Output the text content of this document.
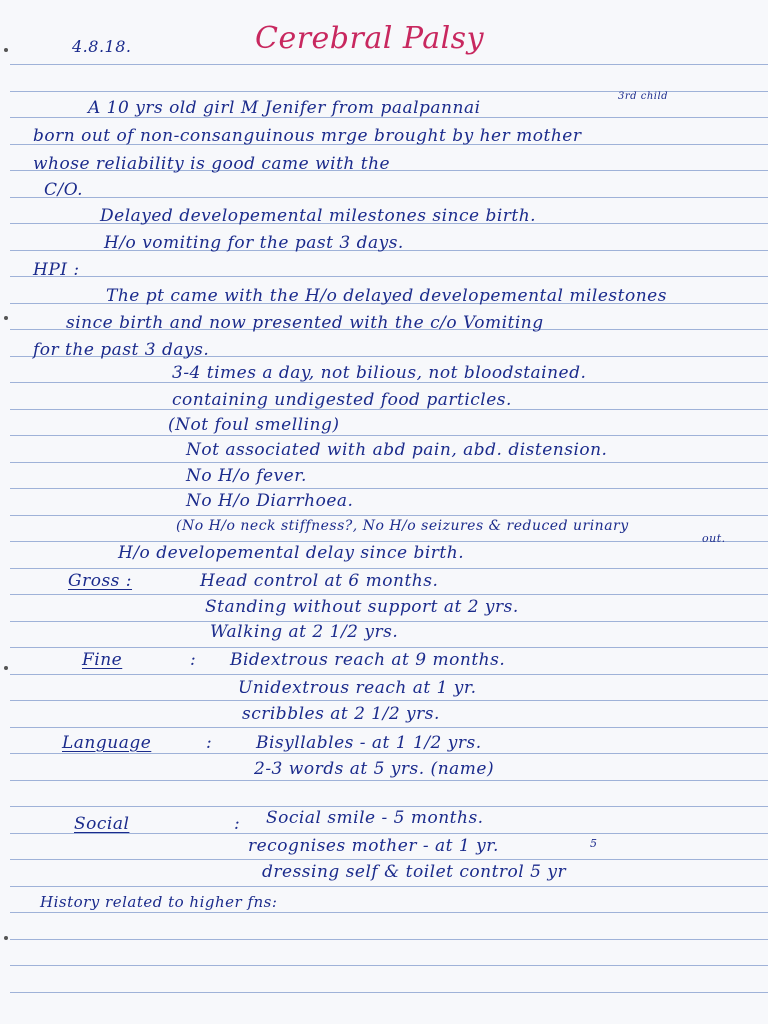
4.8.18.	Cerebral Palsy
A 10 yrs old girl M Jenifer from paalpannai
3rd child
born out of non-consanguinous mrge brought by her mother
whose reliability is good came with the
C/O.
Delayed developemental milestones since birth.
H/o vomiting for the past 3 days.
HPI :
The pt came with the H/o delayed developemental milestones
since birth and now presented with the c/o Vomiting
for the past 3 days.
3-4 times a day, not bilious, not bloodstained.
containing undigested food particles.
(Not foul smelling)
Not associated with abd pain, abd. distension.
No H/o fever.
No H/o Diarrhoea.
(No H/o neck stiffness?, No H/o seizures & reduced urinary
out.
H/o developemental delay since birth.
Gross :	Head control at 6 months.
Standing without support at 2 yrs.
Walking at 2 1/2 yrs.
Fine	: Bidextrous reach at 9 months.
Unidextrous reach at 1 yr.
scribbles at 2 1/2 yrs.
Language	:	Bisyllables - at 1 1/2 yrs.
2-3 words at 5 yrs. (name)
Social	: Social smile - 5 months.
recognises mother - at 1 yr.
dressing self & toilet control 5 yr
5
History related to higher fns:
